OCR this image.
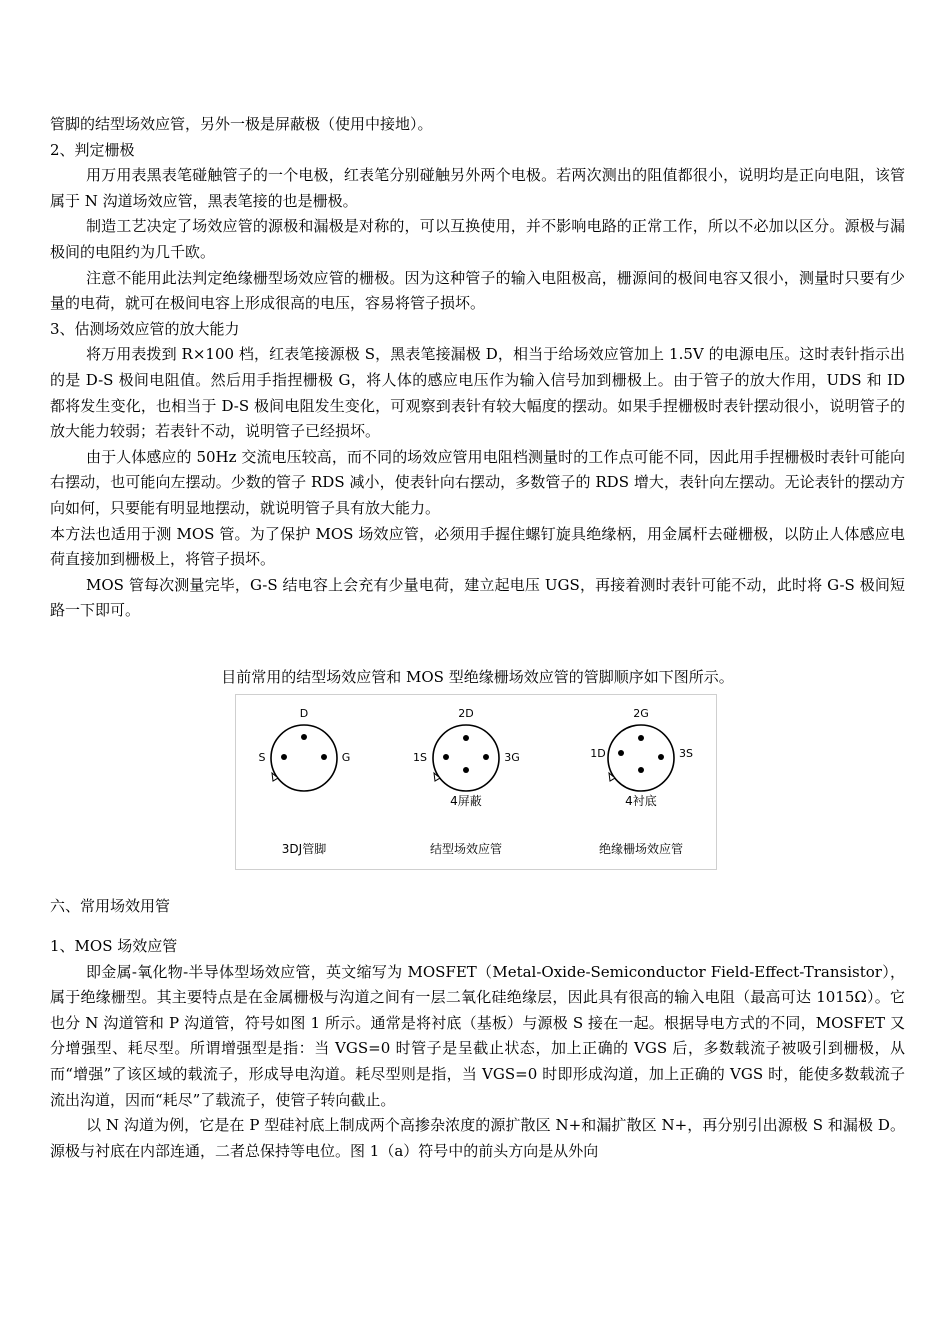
管脚的结型场效应管，另外一极是屏蔽极（使用中接地）。

2、判定栅极

用万用表黑表笔碰触管子的一个电极，红表笔分别碰触另外两个电极。若两次测出的阻值都很小，说明均是正向电阻，该管属于 N 沟道场效应管，黑表笔接的也是栅极。

制造工艺决定了场效应管的源极和漏极是对称的，可以互换使用，并不影响电路的正常工作，所以不必加以区分。源极与漏极间的电阻约为几千欧。

注意不能用此法判定绝缘栅型场效应管的栅极。因为这种管子的输入电阻极高，栅源间的极间电容又很小，测量时只要有少量的电荷，就可在极间电容上形成很高的电压，容易将管子损坏。

3、估测场效应管的放大能力

将万用表拨到 R×100 档，红表笔接源极 S，黑表笔接漏极 D，相当于给场效应管加上 1.5V 的电源电压。这时表针指示出的是 D-S 极间电阻值。然后用手指捏栅极 G，将人体的感应电压作为输入信号加到栅极上。由于管子的放大作用，UDS 和 ID 都将发生变化，也相当于 D-S 极间电阻发生变化，可观察到表针有较大幅度的摆动。如果手捏栅极时表针摆动很小，说明管子的放大能力较弱；若表针不动，说明管子已经损坏。

由于人体感应的 50Hz 交流电压较高，而不同的场效应管用电阻档测量时的工作点可能不同，因此用手捏栅极时表针可能向右摆动，也可能向左摆动。少数的管子 RDS 减小，使表针向右摆动，多数管子的 RDS 增大，表针向左摆动。无论表针的摆动方向如何，只要能有明显地摆动，就说明管子具有放大能力。

本方法也适用于测 MOS 管。为了保护 MOS 场效应管，必须用手握住螺钉旋具绝缘柄，用金属杆去碰栅极，以防止人体感应电荷直接加到栅极上，将管子损坏。

MOS 管每次测量完毕，G-S 结电容上会充有少量电荷，建立起电压 UGS，再接着测时表针可能不动，此时将 G-S 极间短路一下即可。

目前常用的结型场效应管和 MOS 型绝缘栅场效应管的管脚顺序如下图所示。

D
S	G
3DJ管脚
2D
1S	3G
4屏蔽
结型场效应管
2G
1D	3S
4衬底
绝缘栅场效应管

六、常用场效用管

1、MOS 场效应管

即金属-氧化物-半导体型场效应管，英文缩写为 MOSFET（Metal-Oxide-Semiconductor Field-Effect-Transistor），属于绝缘栅型。其主要特点是在金属栅极与沟道之间有一层二氧化硅绝缘层，因此具有很高的输入电阻（最高可达 1015Ω）。它也分 N 沟道管和 P 沟道管，符号如图 1 所示。通常是将衬底（基板）与源极 S 接在一起。根据导电方式的不同，MOSFET 又分增强型、耗尽型。所谓增强型是指：当 VGS=0 时管子是呈截止状态，加上正确的 VGS 后，多数载流子被吸引到栅极，从而“增强”了该区域的载流子，形成导电沟道。耗尽型则是指，当 VGS=0 时即形成沟道，加上正确的 VGS 时，能使多数载流子流出沟道，因而“耗尽”了载流子，使管子转向截止。

以 N 沟道为例，它是在 P 型硅衬底上制成两个高掺杂浓度的源扩散区 N+和漏扩散区 N+，再分别引出源极 S 和漏极 D。源极与衬底在内部连通，二者总保持等电位。图 1（a）符号中的前头方向是从外向
